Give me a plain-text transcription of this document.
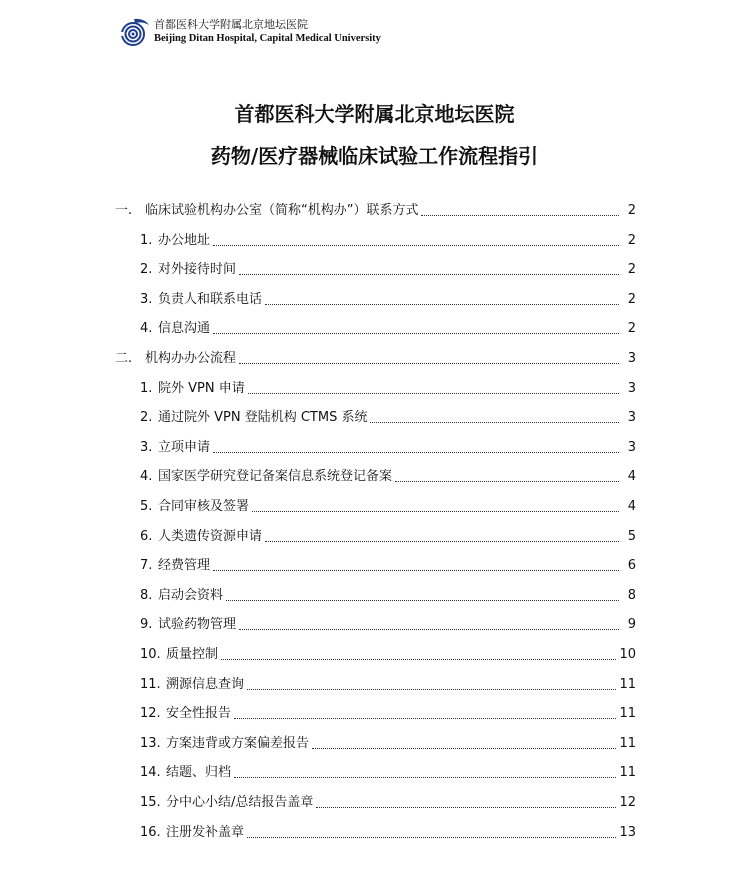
首都医科大学附属北京地坛医院
Beijing Ditan Hospital, Capital Medical University
首都医科大学附属北京地坛医院
药物/医疗器械临床试验工作流程指引
一. 临床试验机构办公室（简称“机构办”）联系方式	2
1. 办公地址	2
2. 对外接待时间	2
3. 负责人和联系电话	2
4. 信息沟通	2
二. 机构办办公流程	3
1. 院外 VPN 申请	3
2. 通过院外 VPN 登陆机构 CTMS 系统	3
3. 立项申请	3
4. 国家医学研究登记备案信息系统登记备案	4
5. 合同审核及签署	4
6. 人类遗传资源申请	5
7. 经费管理	6
8. 启动会资料	8
9. 试验药物管理	9
10. 质量控制	10
11. 溯源信息查询	11
12. 安全性报告	11
13. 方案违背或方案偏差报告	11
14. 结题、归档	11
15. 分中心小结/总结报告盖章	12
16. 注册发补盖章	13
